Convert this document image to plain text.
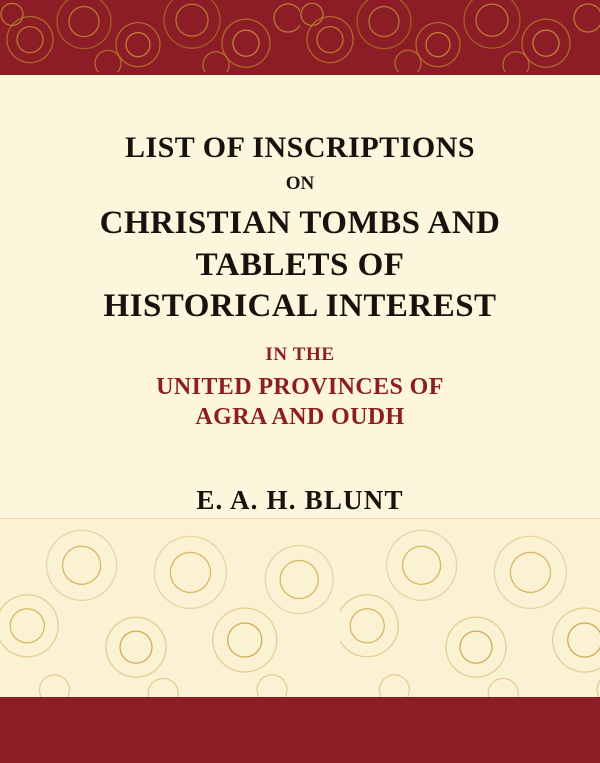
LIST OF INSCRIPTIONS
ON
CHRISTIAN TOMBS AND
TABLETS OF
HISTORICAL INTEREST
IN THE
UNITED PROVINCES OF
AGRA AND OUDH
E. A. H. BLUNT
